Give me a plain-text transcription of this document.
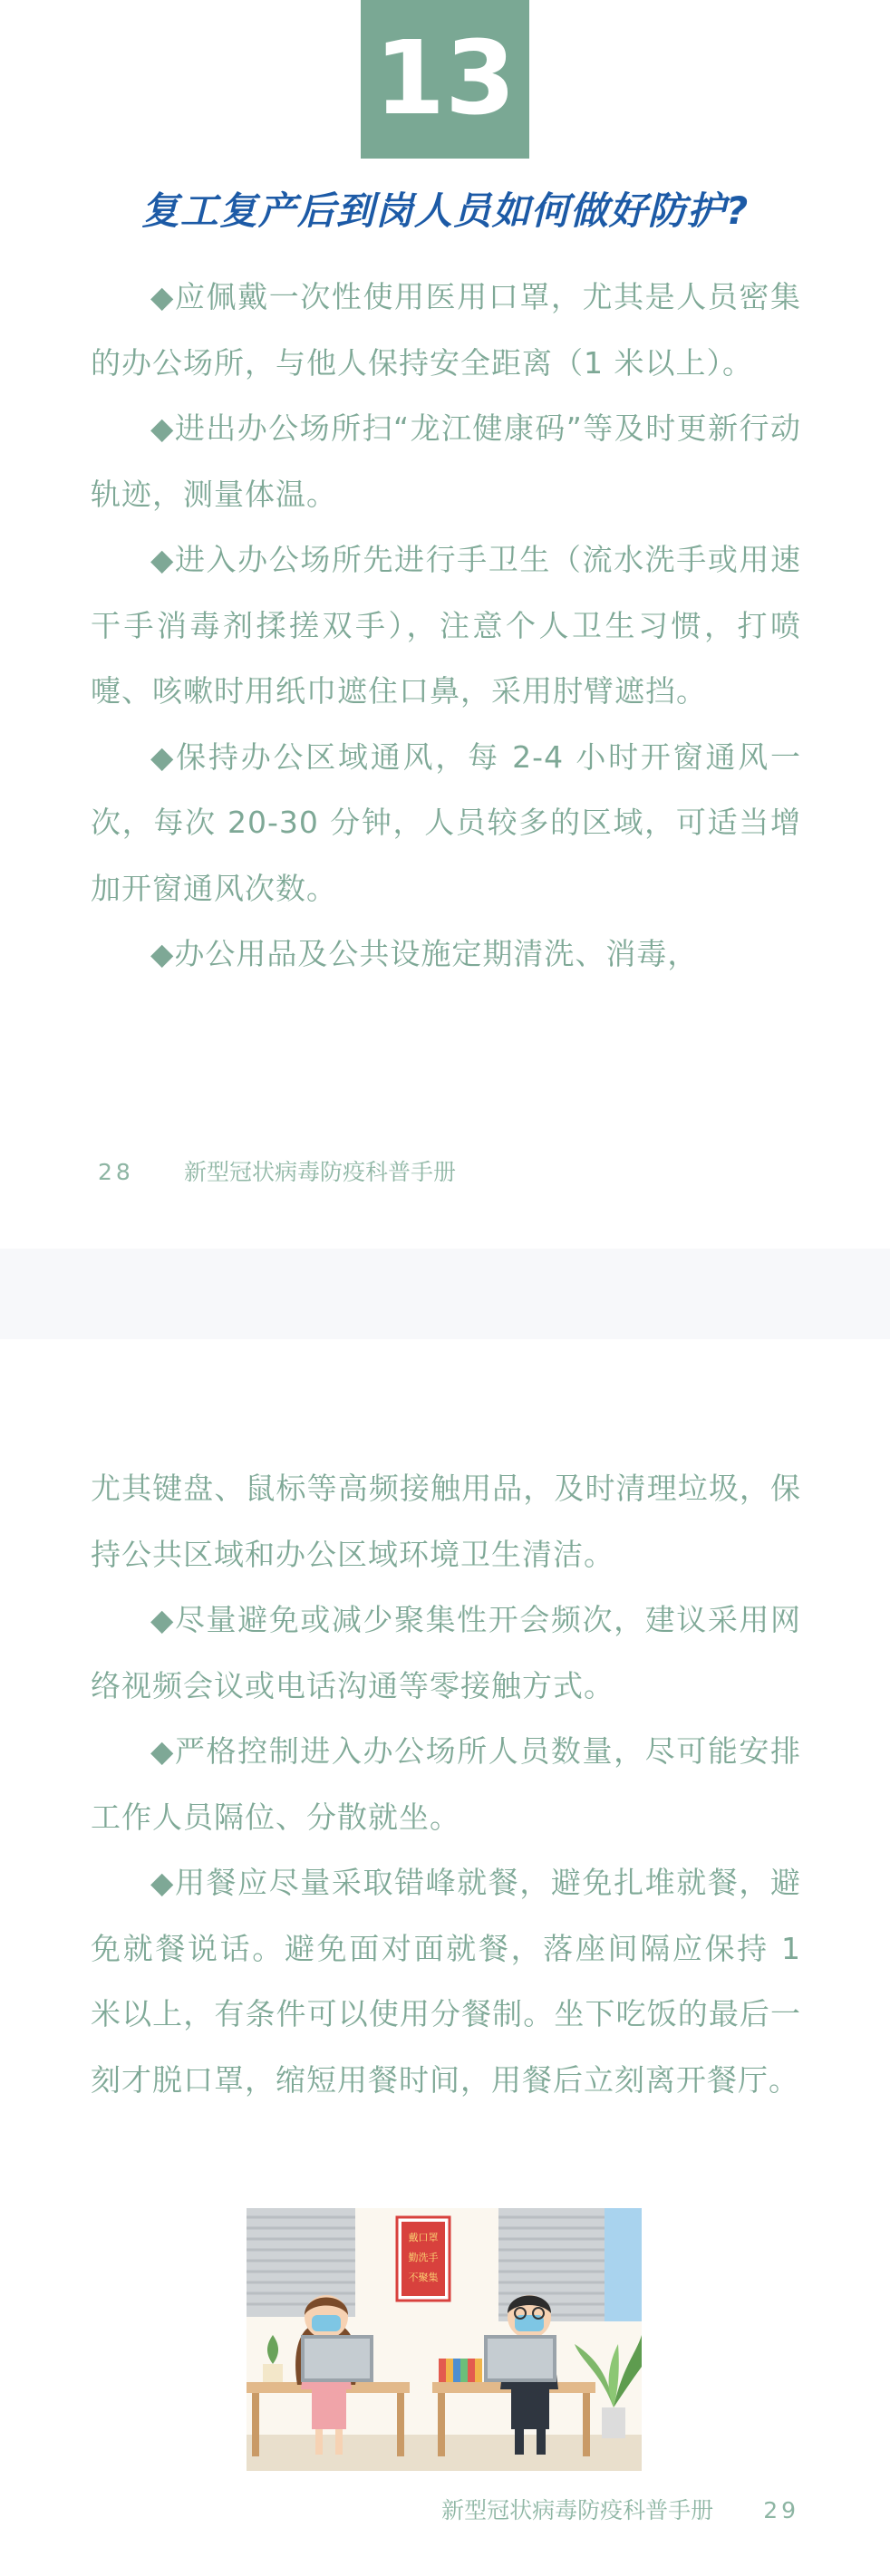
13
复工复产后到岗人员如何做好防护?

◆应佩戴一次性使用医用口罩，尤其是人员密集的办公场所，与他人保持安全距离（1 米以上）。

◆进出办公场所扫“龙江健康码”等及时更新行动轨迹，测量体温。

◆进入办公场所先进行手卫生（流水洗手或用速干手消毒剂揉搓双手），注意个人卫生习惯，打喷嚏、咳嗽时用纸巾遮住口鼻，采用肘臂遮挡。

◆保持办公区域通风，每 2-4 小时开窗通风一次，每次 20-30 分钟，人员较多的区域，可适当增加开窗通风次数。

◆办公用品及公共设施定期清洗、消毒，

28 新型冠状病毒防疫科普手册

尤其键盘、鼠标等高频接触用品，及时清理垃圾，保持公共区域和办公区域环境卫生清洁。

◆尽量避免或减少聚集性开会频次，建议采用网络视频会议或电话沟通等零接触方式。

◆严格控制进入办公场所人员数量，尽可能安排工作人员隔位、分散就坐。

◆用餐应尽量采取错峰就餐，避免扎堆就餐，避免就餐说话。避免面对面就餐，落座间隔应保持 1 米以上，有条件可以使用分餐制。坐下吃饭的最后一刻才脱口罩，缩短用餐时间，用餐后立刻离开餐厅。

戴口罩
勤洗手
不聚集
新型冠状病毒防疫科普手册 29
